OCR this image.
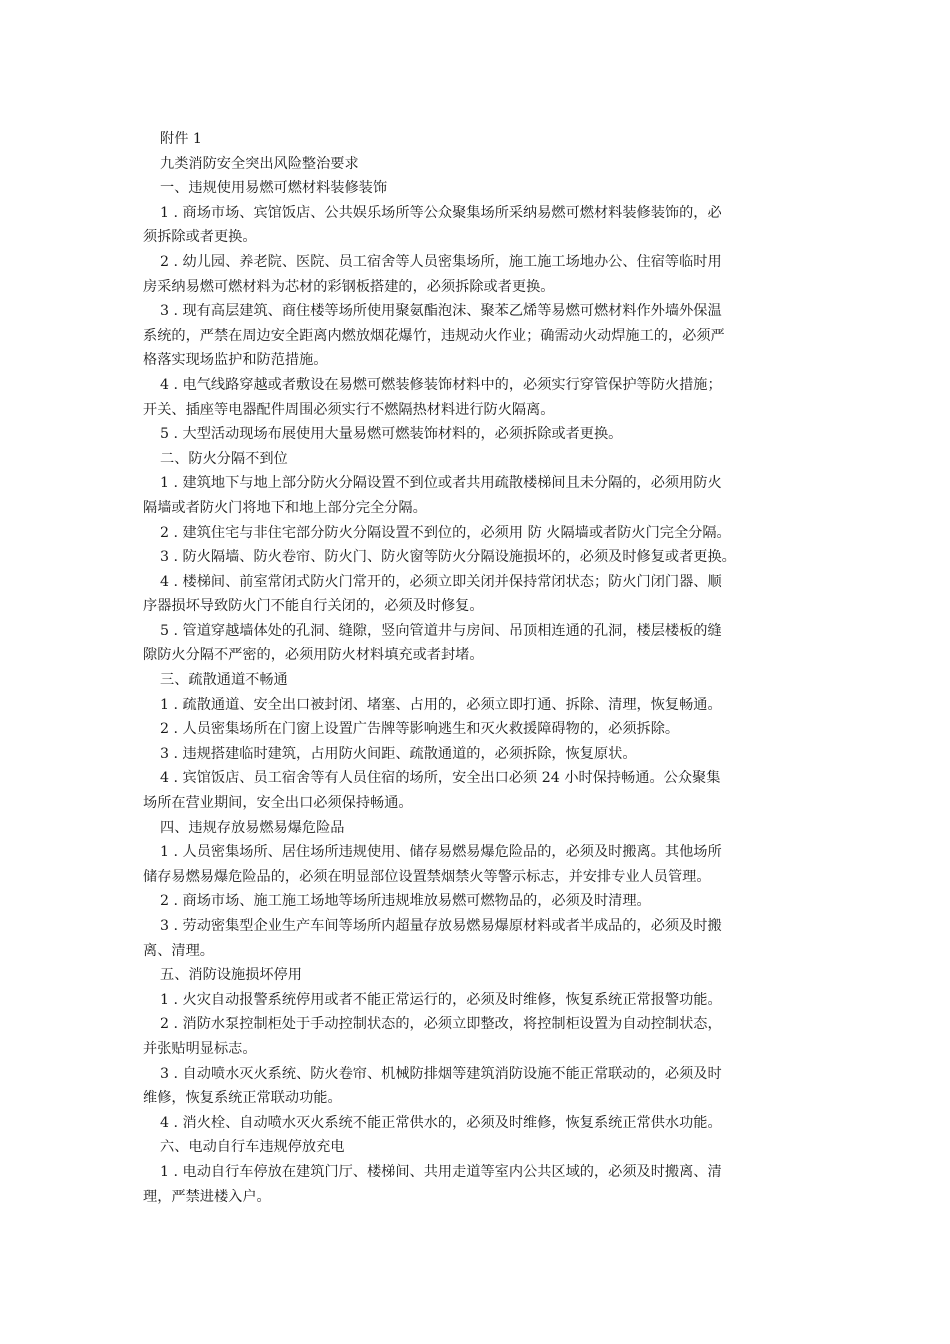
附件 1

九类消防安全突出风险整治要求

一、违规使用易燃可燃材料装修装饰

1 . 商场市场、宾馆饭店、公共娱乐场所等公众聚集场所采纳易燃可燃材料装修装饰的，必

须拆除或者更换。

2 . 幼儿园、养老院、医院、员工宿舍等人员密集场所，施工施工场地办公、住宿等临时用

房采纳易燃可燃材料为芯材的彩钢板搭建的，必须拆除或者更换。

3 . 现有高层建筑、商住楼等场所使用聚氨酯泡沫、聚苯乙烯等易燃可燃材料作外墙外保温

系统的，严禁在周边安全距离内燃放烟花爆竹，违规动火作业；确需动火动焊施工的，必须严

格落实现场监护和防范措施。

4 . 电气线路穿越或者敷设在易燃可燃装修装饰材料中的，必须实行穿管保护等防火措施；

开关、插座等电器配件周围必须实行不燃隔热材料进行防火隔离。

5 . 大型活动现场布展使用大量易燃可燃装饰材料的，必须拆除或者更换。

二、防火分隔不到位

1 . 建筑地下与地上部分防火分隔设置不到位或者共用疏散楼梯间且未分隔的，必须用防火

隔墙或者防火门将地下和地上部分完全分隔。

2 . 建筑住宅与非住宅部分防火分隔设置不到位的，必须用 防 火隔墙或者防火门完全分隔。

3 . 防火隔墙、防火卷帘、防火门、防火窗等防火分隔设施损坏的，必须及时修复或者更换。

4 . 楼梯间、前室常闭式防火门常开的，必须立即关闭并保持常闭状态；防火门闭门器、顺

序器损坏导致防火门不能自行关闭的，必须及时修复。

5 . 管道穿越墙体处的孔洞、缝隙，竖向管道井与房间、吊顶相连通的孔洞，楼层楼板的缝

隙防火分隔不严密的，必须用防火材料填充或者封堵。

三、疏散通道不畅通

1 . 疏散通道、安全出口被封闭、堵塞、占用的，必须立即打通、拆除、清理，恢复畅通。

2 . 人员密集场所在门窗上设置广告牌等影响逃生和灭火救援障碍物的，必须拆除。

3 . 违规搭建临时建筑，占用防火间距、疏散通道的，必须拆除，恢复原状。

4 . 宾馆饭店、员工宿舍等有人员住宿的场所，安全出口必须 24 小时保持畅通。公众聚集

场所在营业期间，安全出口必须保持畅通。

四、违规存放易燃易爆危险品

1 . 人员密集场所、居住场所违规使用、储存易燃易爆危险品的，必须及时搬离。其他场所

储存易燃易爆危险品的，必须在明显部位设置禁烟禁火等警示标志，并安排专业人员管理。

2 . 商场市场、施工施工场地等场所违规堆放易燃可燃物品的，必须及时清理。

3 . 劳动密集型企业生产车间等场所内超量存放易燃易爆原材料或者半成品的，必须及时搬

离、清理。

五、消防设施损坏停用

1 . 火灾自动报警系统停用或者不能正常运行的，必须及时维修，恢复系统正常报警功能。

2 . 消防水泵控制柜处于手动控制状态的，必须立即整改，将控制柜设置为自动控制状态，

并张贴明显标志。

3 . 自动喷水灭火系统、防火卷帘、机械防排烟等建筑消防设施不能正常联动的，必须及时

维修，恢复系统正常联动功能。

4 . 消火栓、自动喷水灭火系统不能正常供水的，必须及时维修，恢复系统正常供水功能。

六、电动自行车违规停放充电

1 . 电动自行车停放在建筑门厅、楼梯间、共用走道等室内公共区域的，必须及时搬离、清

理，严禁进楼入户。
